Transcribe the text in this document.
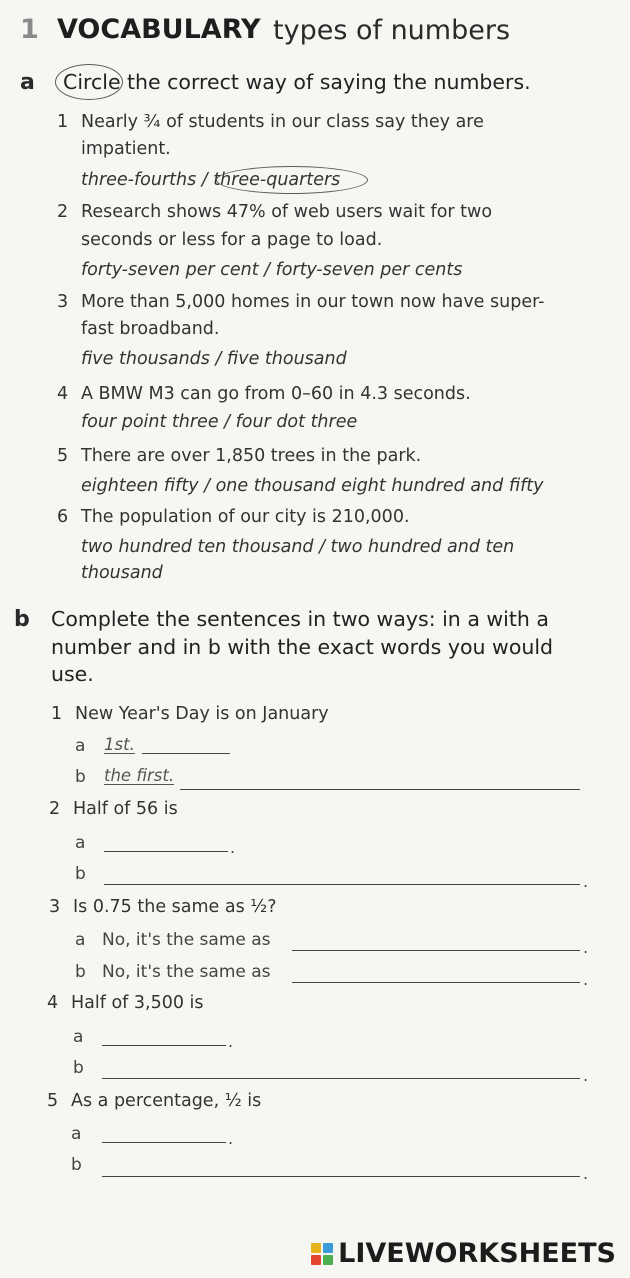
1 VOCABULARY types of numbers
a Circle the correct way of saying the numbers.
1 Nearly ¾ of students in our class say they are
impatient.
three-fourths / three-quarters
2 Research shows 47% of web users wait for two
seconds or less for a page to load.
forty-seven per cent / forty-seven per cents
3 More than 5,000 homes in our town now have super-
fast broadband.
five thousands / five thousand
4 A BMW M3 can go from 0–60 in 4.3 seconds.
four point three / four dot three
5 There are over 1,850 trees in the park.
eighteen fifty / one thousand eight hundred and fifty
6 The population of our city is 210,000.
two hundred ten thousand / two hundred and ten
thousand
b Complete the sentences in two ways: in a with a
number and in b with the exact words you would
use.
1 New Year's Day is on January
a 1st.
b the first.
2 Half of 56 is
a	.
b	.
3 Is 0.75 the same as ½?
a No, it's the same as	.
b No, it's the same as	.
4 Half of 3,500 is
a	.
b	.
5 As a percentage, ½ is
a	.
b	.
LIVEWORKSHEETS
